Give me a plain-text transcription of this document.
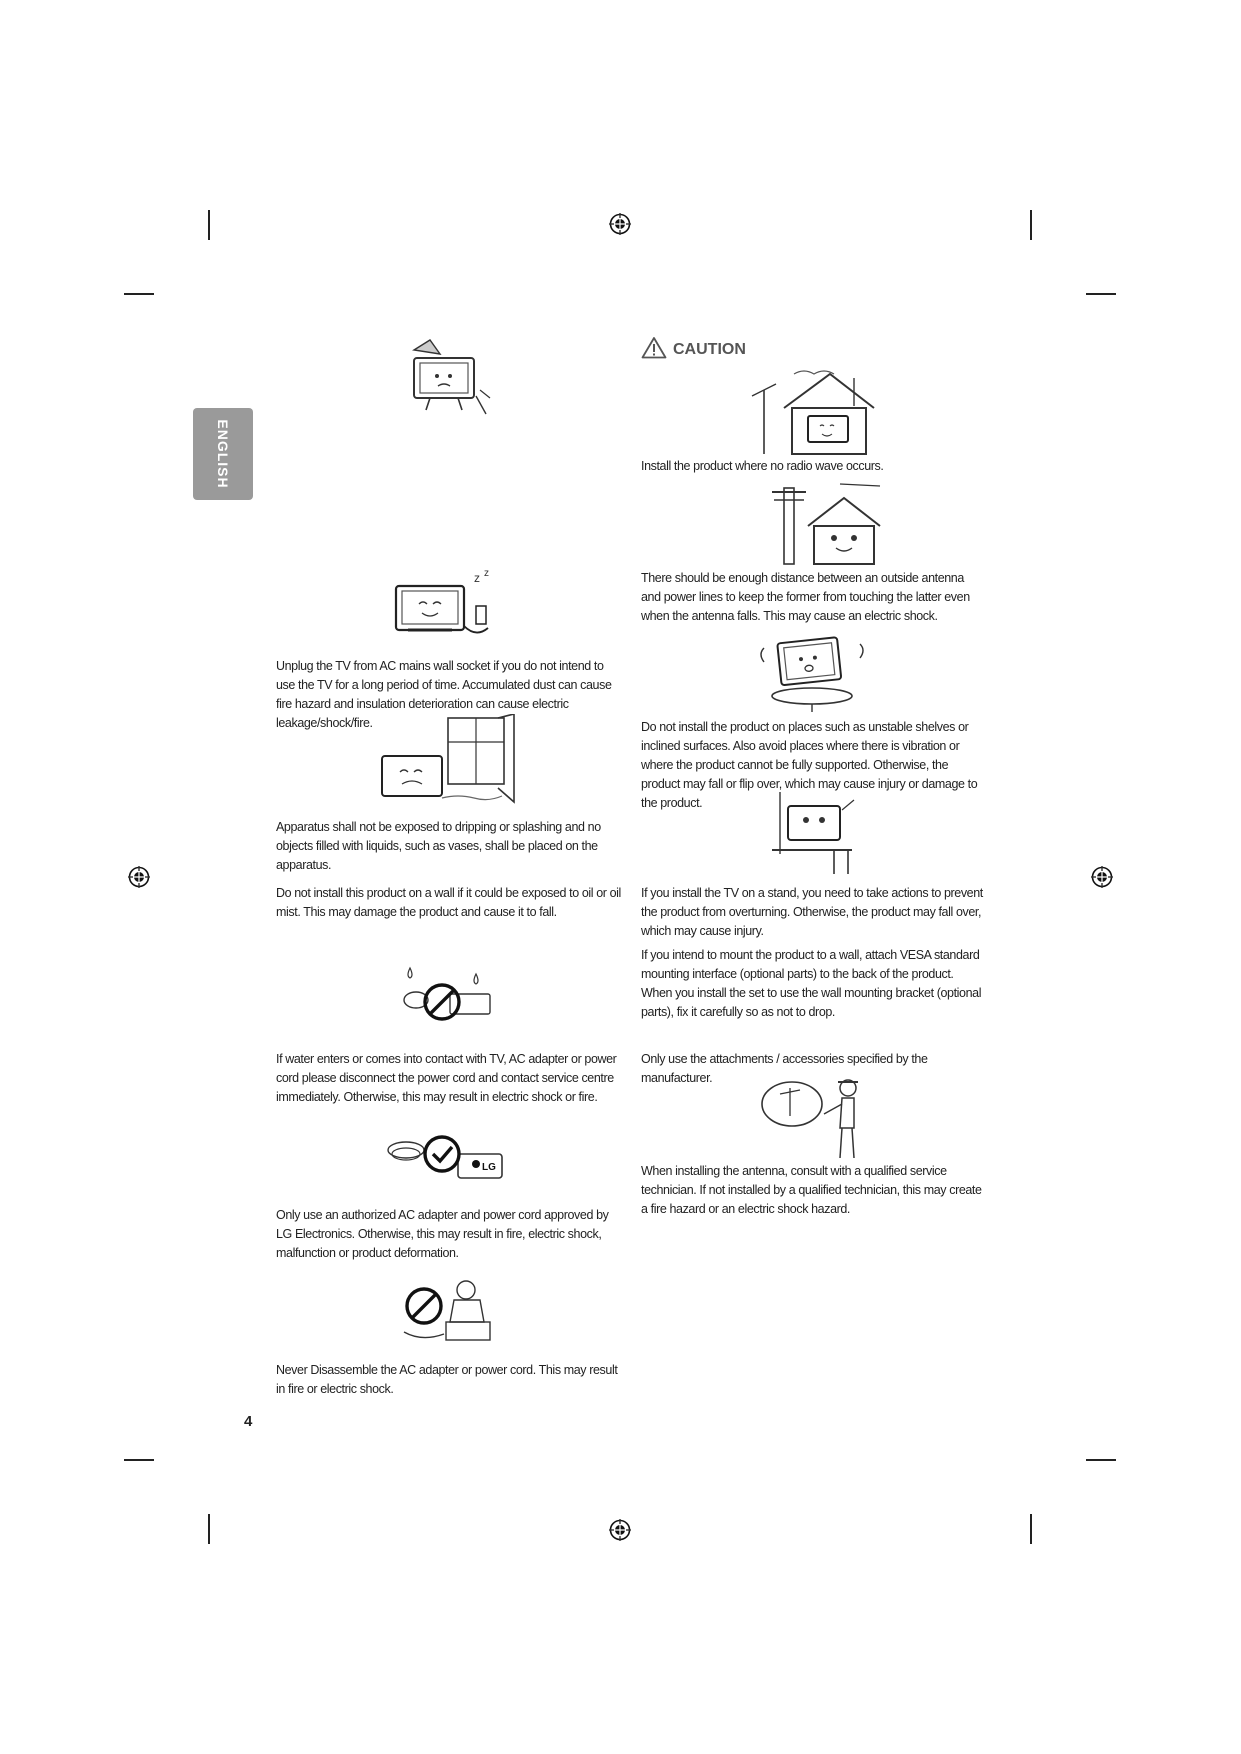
ENGLISH
CAUTION
z z
LG
Unplug the TV from AC mains wall socket if you do not intend to use the TV for a long period of time. Accumulated dust can cause fire hazard and insulation deterioration can cause electric leakage/shock/fire.
Apparatus shall not be exposed to dripping or splashing and no objects filled with liquids, such as vases, shall be placed on the apparatus.
Do not install this product on a wall if it could be exposed to oil or oil mist. This may damage the product and cause it to fall.
If water enters or comes into contact with TV, AC adapter or power cord please disconnect the power cord and contact service centre immediately. Otherwise, this may result in electric shock or fire.
Only use an authorized AC adapter and power cord approved by LG Electronics. Otherwise, this may result in fire, electric shock, malfunction or product deformation.
Never Disassemble the AC adapter or power cord. This may result in fire or electric shock.
Install the product where no radio wave occurs.
There should be enough distance between an outside antenna and power lines to keep the former from touching the latter even when the antenna falls. This may cause an electric shock.
Do not install the product on places such as unstable shelves or inclined surfaces. Also avoid places where there is vibration or where the product cannot be fully supported. Otherwise, the product may fall or flip over, which may cause injury or damage to the product.
If you install the TV on a stand, you need to take actions to prevent the product from overturning. Otherwise, the product may fall over, which may cause injury.
If you intend to mount the product to a wall, attach VESA standard mounting interface (optional parts) to the back of the product. When you install the set to use the wall mounting bracket (optional parts), fix it carefully so as not to drop.
Only use the attachments / accessories specified by the manufacturer.
When installing the antenna, consult with a qualified service technician. If not installed by a qualified technician, this may create a fire hazard or an electric shock hazard.
4
